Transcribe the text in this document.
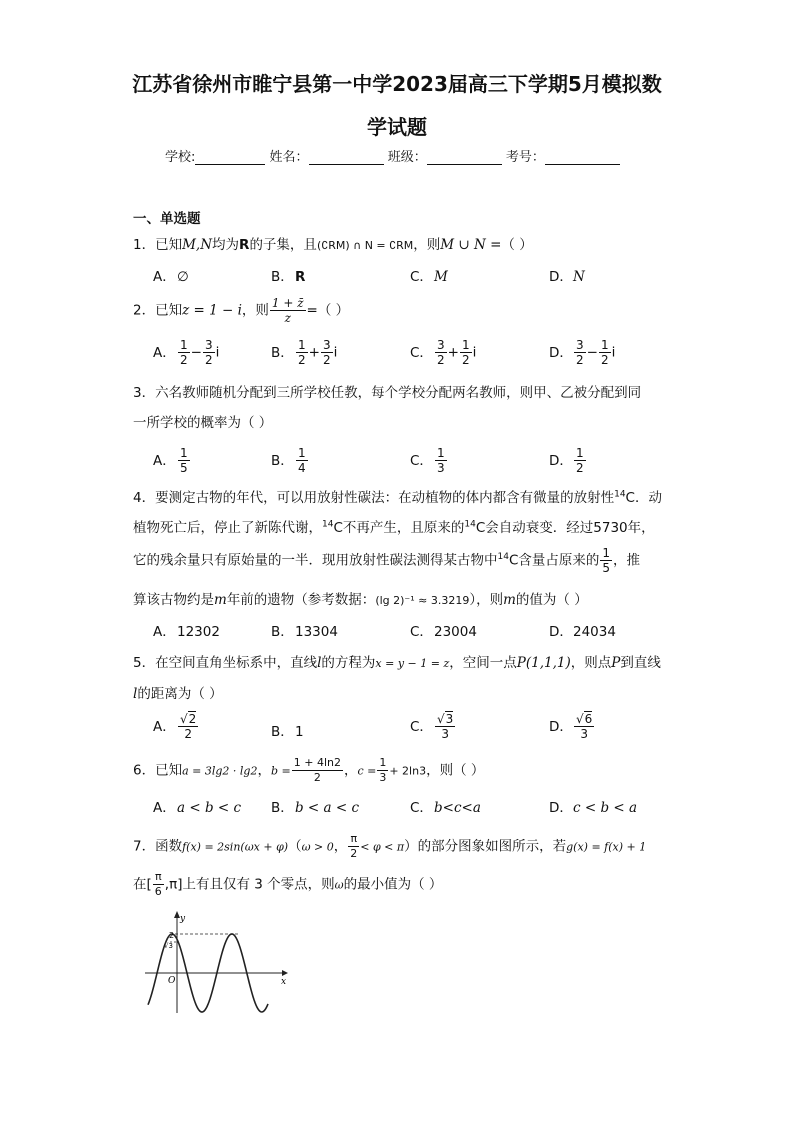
江苏省徐州市睢宁县第一中学2023届高三下学期5月模拟数
学试题
学校:	姓名：	班级：	考号：
一、单选题
1．已知M,N均为R的子集，且(∁RM) ∩ N = ∁RM，则M ∪ N =（ ）
A．∅	B．R	C．M	D．N
2．已知z = 1 − i，则 $\frac{1 + z̄}{z}$ =（ ）
A． $\frac{1}{2} - \frac{3}{2}$ i	B． $\frac{1}{2} + \frac{3}{2}$ i	C． $\frac{3}{2} + \frac{1}{2}$ i	D． $\frac{3}{2} - \frac{1}{2}$ i
3．六名教师随机分配到三所学校任教，每个学校分配两名教师，则甲、乙被分配到同
一所学校的概率为（ ）
A． $\frac{1}{5}$	B． $\frac{1}{4}$	C． $\frac{1}{3}$	D． $\frac{1}{2}$
4．要测定古物的年代，可以用放射性碳法：在动植物的体内都含有微量的放射性$^{14}$C．动
植物死亡后，停止了新陈代谢，$^{14}$C不再产生，且原来的$^{14}$C会自动衰变．经过5730年，
它的残余量只有原始量的一半．现用放射性碳法测得某古物中$^{14}$C含量占原来的 $\frac{1}{5}$ ，推
算该古物约是m年前的遗物（参考数据：(lg 2)⁻¹ ≈ 3.3219），则m的值为（ ）
A．12302	B．13304	C．23004	D．24034
5．在空间直角坐标系中，直线l的方程为x = y − 1 = z，空间一点P(1,1,1)，则点P到直线
l的距离为（ ）
A． $\frac{√2}{2}$	B．1	C． $\frac{√3}{3}$	D． $\frac{√6}{3}$
6．已知a = 3lg2 · lg2，$b = \frac{1 + 4\ln 2}{2}$ ，$c = \frac{1}{3} + 2\ln 3$，则（ ）
A．a < b < c B．b < a < c	C．b<c<a	D．c < b < a
7．函数f(x) = 2sin(ωx + φ)（ω > 0， $\frac{\pi}{2} < \varphi < \pi$）的部分图象如图所示，若g(x) = f(x) + 1
在[ $\frac{\pi}{6} ,\pi$]上有且仅有 3 个零点，则ω的最小值为（ ）
y
x
O
2
√3
